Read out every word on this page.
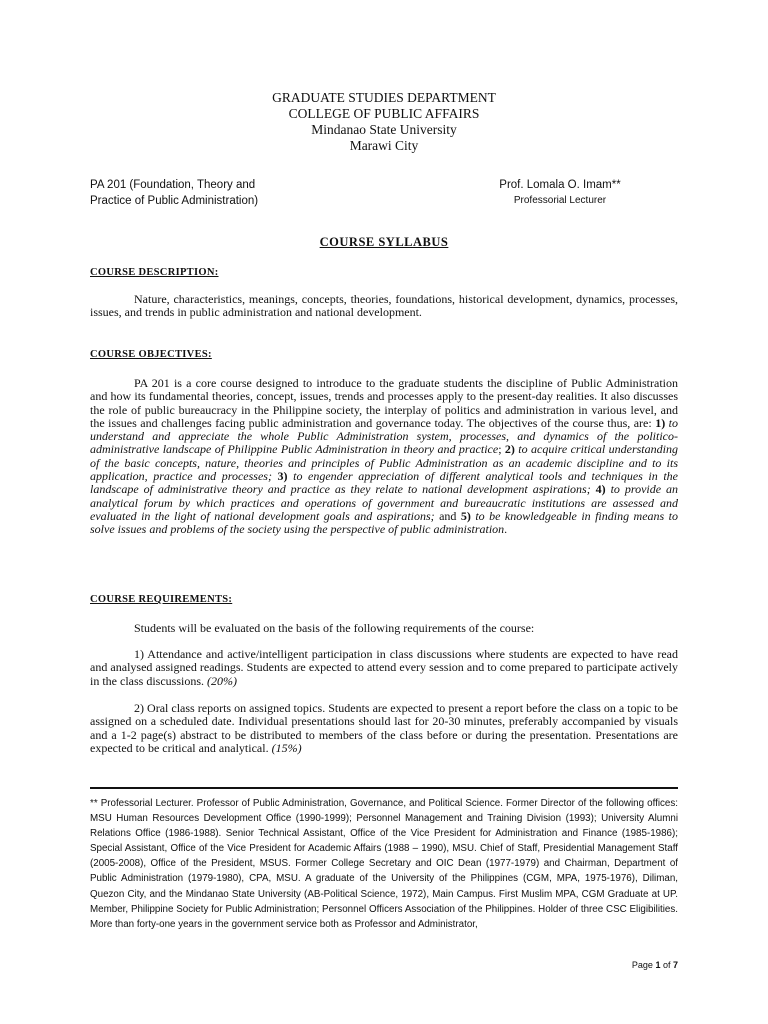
GRADUATE STUDIES DEPARTMENT
COLLEGE OF PUBLIC AFFAIRS
Mindanao State University
Marawi City
PA 201 (Foundation, Theory and
Practice of Public Administration)
Prof. Lomala O. Imam**
Professorial Lecturer
COURSE SYLLABUS
COURSE DESCRIPTION:

Nature, characteristics, meanings, concepts, theories, foundations, historical development, dynamics, processes, issues, and trends in public administration and national development.

COURSE OBJECTIVES:

PA 201 is a core course designed to introduce to the graduate students the discipline of Public Administration and how its fundamental theories, concept, issues, trends and processes apply to the present-day realities. It also discusses the role of public bureaucracy in the Philippine society, the interplay of politics and administration in various level, and the issues and challenges facing public administration and governance today. The objectives of the course thus, are: 1) to understand and appreciate the whole Public Administration system, processes, and dynamics of the politico-administrative landscape of Philippine Public Administration in theory and practice; 2) to acquire critical understanding of the basic concepts, nature, theories and principles of Public Administration as an academic discipline and to its application, practice and processes; 3) to engender appreciation of different analytical tools and techniques in the landscape of administrative theory and practice as they relate to national development aspirations; 4) to provide an analytical forum by which practices and operations of government and bureaucratic institutions are assessed and evaluated in the light of national development goals and aspirations; and 5) to be knowledgeable in finding means to solve issues and problems of the society using the perspective of public administration.

COURSE REQUIREMENTS:

Students will be evaluated on the basis of the following requirements of the course:

1) Attendance and active/intelligent participation in class discussions where students are expected to have read and analysed assigned readings. Students are expected to attend every session and to come prepared to participate actively in the class discussions. (20%)

2) Oral class reports on assigned topics. Students are expected to present a report before the class on a topic to be assigned on a scheduled date. Individual presentations should last for 20-30 minutes, preferably accompanied by visuals and a 1-2 page(s) abstract to be distributed to members of the class before or during the presentation. Presentations are expected to be critical and analytical. (15%)

** Professorial Lecturer. Professor of Public Administration, Governance, and Political Science. Former Director of the following offices: MSU Human Resources Development Office (1990-1999); Personnel Management and Training Division (1993); University Alumni Relations Office (1986-1988). Senior Technical Assistant, Office of the Vice President for Administration and Finance (1985-1986); Special Assistant, Office of the Vice President for Academic Affairs (1988 – 1990), MSU. Chief of Staff, Presidential Management Staff (2005-2008), Office of the President, MSUS. Former College Secretary and OIC Dean (1977-1979) and Chairman, Department of Public Administration (1979-1980), CPA, MSU. A graduate of the University of the Philippines (CGM, MPA, 1975-1976), Diliman, Quezon City, and the Mindanao State University (AB-Political Science, 1972), Main Campus. First Muslim MPA, CGM Graduate at UP. Member, Philippine Society for Public Administration; Personnel Officers Association of the Philippines. Holder of three CSC Eligibilities. More than forty-one years in the government service both as Professor and Administrator,

Page 1 of 7
